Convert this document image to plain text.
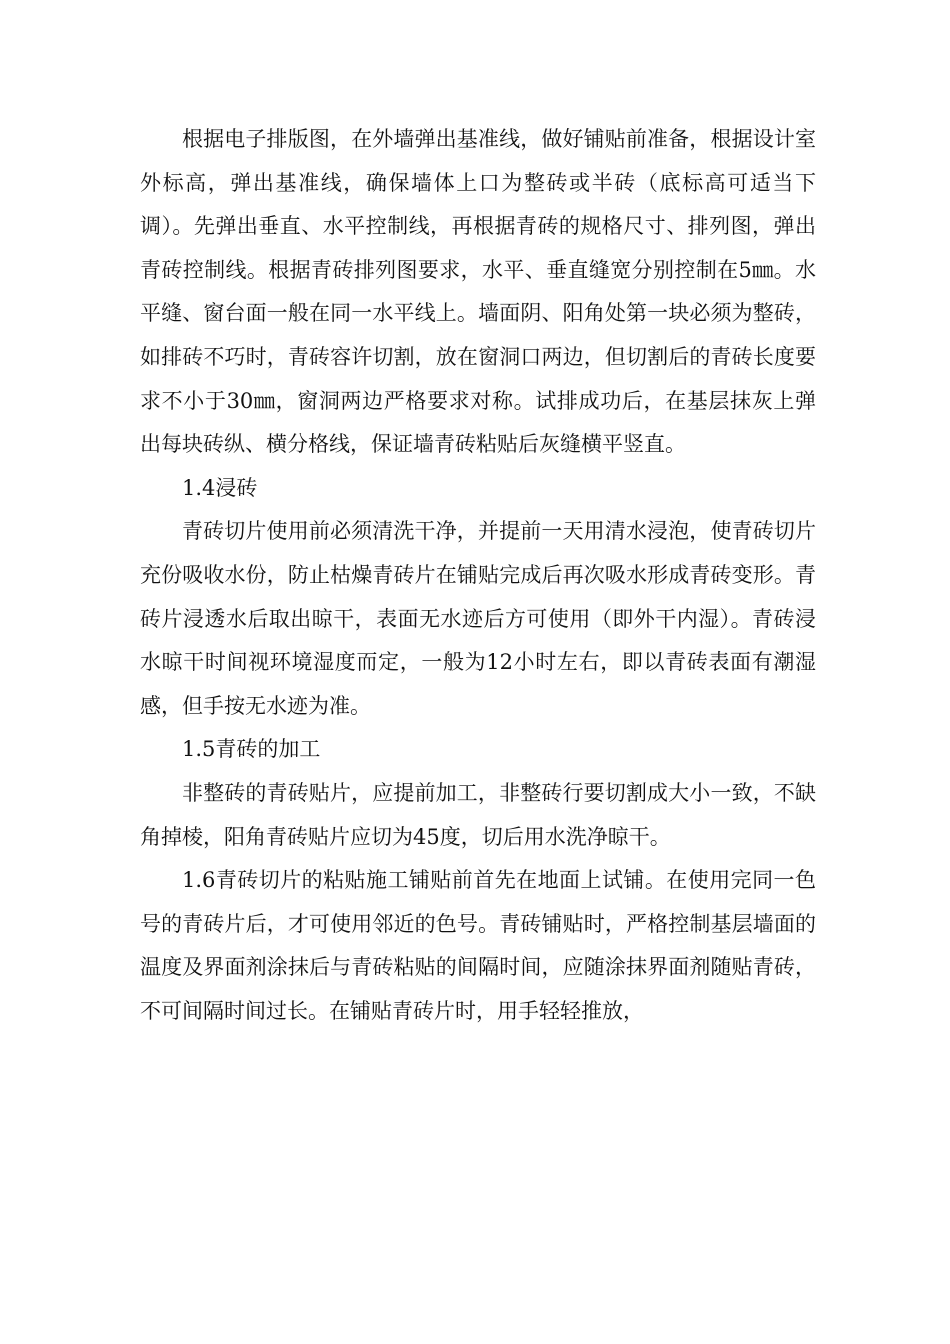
根据电子排版图，在外墙弹出基准线，做好铺贴前准备，根据设计室外标高，弹出基准线，确保墙体上口为整砖或半砖（底标高可适当下调）。先弹出垂直、水平控制线，再根据青砖的规格尺寸、排列图，弹出青砖控制线。根据青砖排列图要求，水平、垂直缝宽分别控制在5㎜。水平缝、窗台面一般在同一水平线上。墙面阴、阳角处第一块必须为整砖，如排砖不巧时，青砖容许切割，放在窗洞口两边，但切割后的青砖长度要求不小于30㎜，窗洞两边严格要求对称。试排成功后，在基层抹灰上弹出每块砖纵、横分格线，保证墙青砖粘贴后灰缝横平竖直。

1.4浸砖

青砖切片使用前必须清洗干净，并提前一天用清水浸泡，使青砖切片充份吸收水份，防止枯燥青砖片在铺贴完成后再次吸水形成青砖变形。青砖片浸透水后取出晾干，表面无水迹后方可使用（即外干内湿）。青砖浸水晾干时间视环境湿度而定，一般为12小时左右，即以青砖表面有潮湿感，但手按无水迹为准。

1.5青砖的加工

非整砖的青砖贴片，应提前加工，非整砖行要切割成大小一致，不缺角掉棱，阳角青砖贴片应切为45度，切后用水洗净晾干。

1.6青砖切片的粘贴施工铺贴前首先在地面上试铺。在使用完同一色号的青砖片后，才可使用邻近的色号。青砖铺贴时，严格控制基层墙面的温度及界面剂涂抹后与青砖粘贴的间隔时间，应随涂抹界面剂随贴青砖，不可间隔时间过长。在铺贴青砖片时，用手轻轻推放，
